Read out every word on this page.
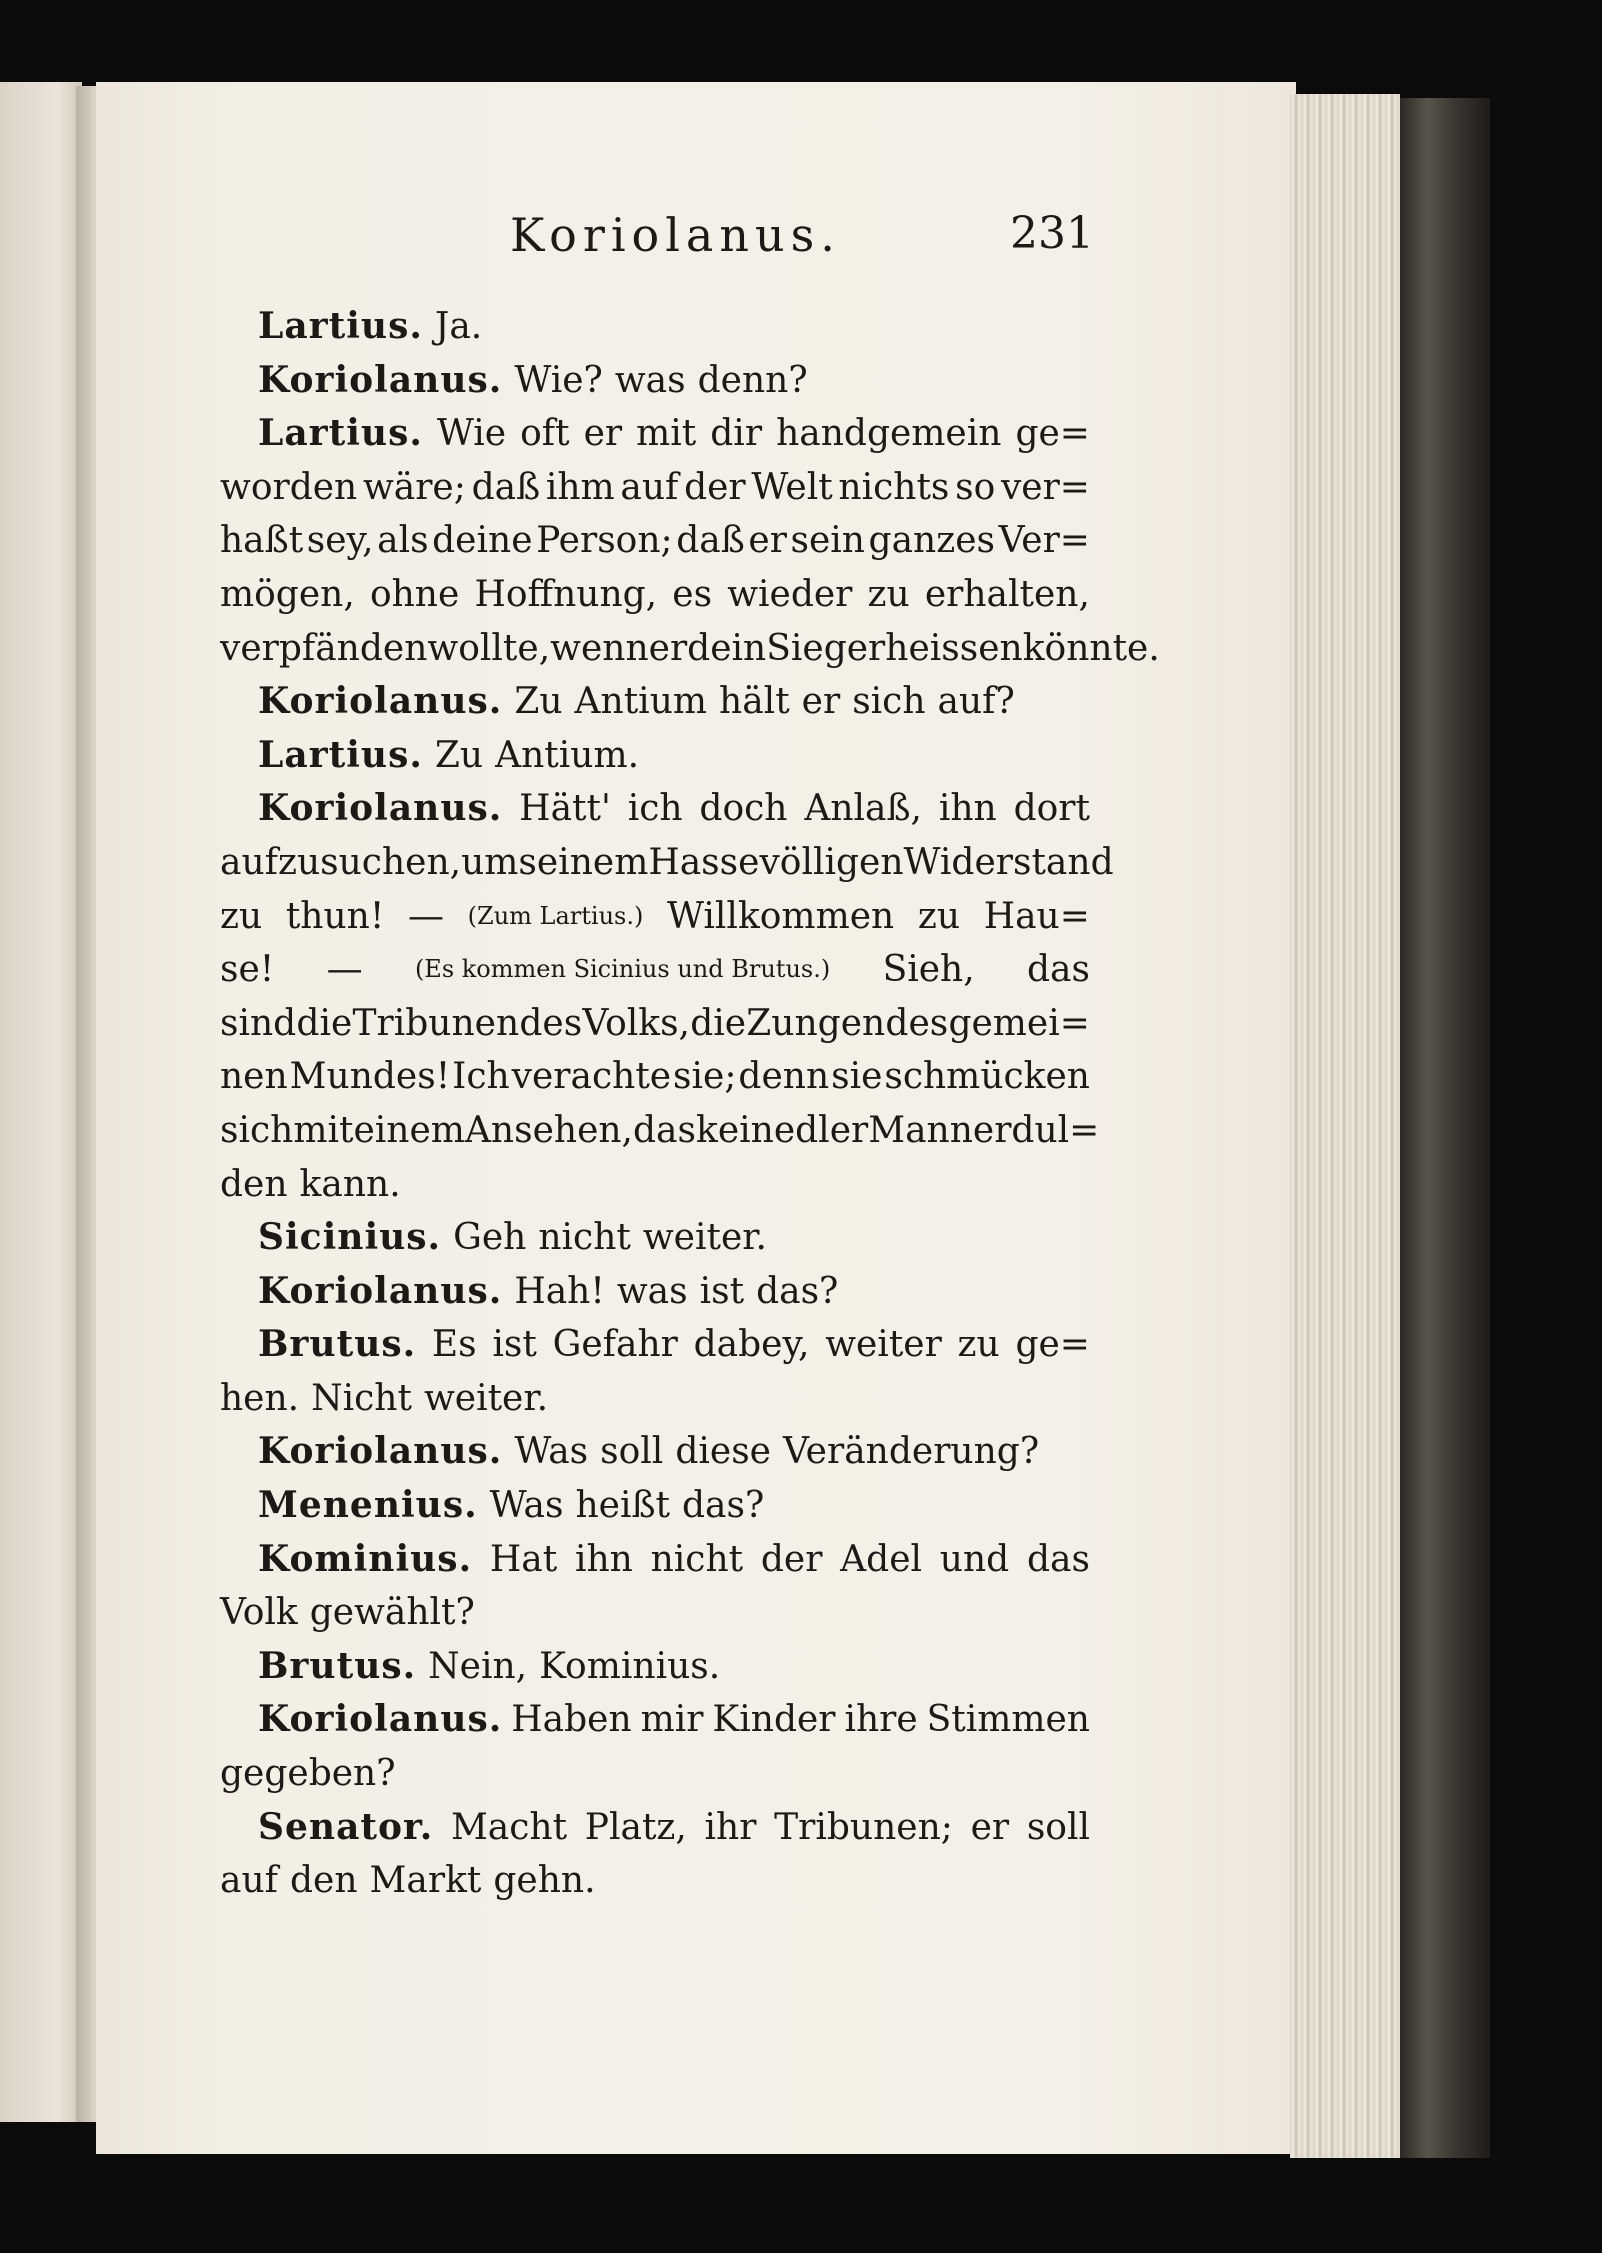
Koriolanus.	231
Lartius. Ja.
Koriolanus. Wie? was denn?
Lartius. Wie oft er mit dir handgemein ge=
worden wäre; daß ihm auf der Welt nichts so ver=
haßt sey, als deine Person; daß er sein ganzes Ver=
mögen, ohne Hoffnung, es wieder zu erhalten,
verpfänden wollte, wenn er dein Sieger heissen könnte.
Koriolanus. Zu Antium hält er sich auf?
Lartius. Zu Antium.
Koriolanus. Hätt' ich doch Anlaß, ihn dort
aufzusuchen, um seinem Hasse völligen Widerstand
zu thun! — (Zum Lartius.) Willkommen zu Hau=
se! — (Es kommen Sicinius und Brutus.) Sieh, das
sind die Tribunen des Volks, die Zungen des gemei=
nen Mundes! Ich verachte sie; denn sie schmücken
sich mit einem Ansehen, das kein edler Mann erdul=
den kann.
Sicinius. Geh nicht weiter.
Koriolanus. Hah! was ist das?
Brutus. Es ist Gefahr dabey, weiter zu ge=
hen. Nicht weiter.
Koriolanus. Was soll diese Veränderung?
Menenius. Was heißt das?
Kominius. Hat ihn nicht der Adel und das
Volk gewählt?
Brutus. Nein, Kominius.
Koriolanus. Haben mir Kinder ihre Stimmen
gegeben?
Senator. Macht Platz, ihr Tribunen; er soll
auf den Markt gehn.
